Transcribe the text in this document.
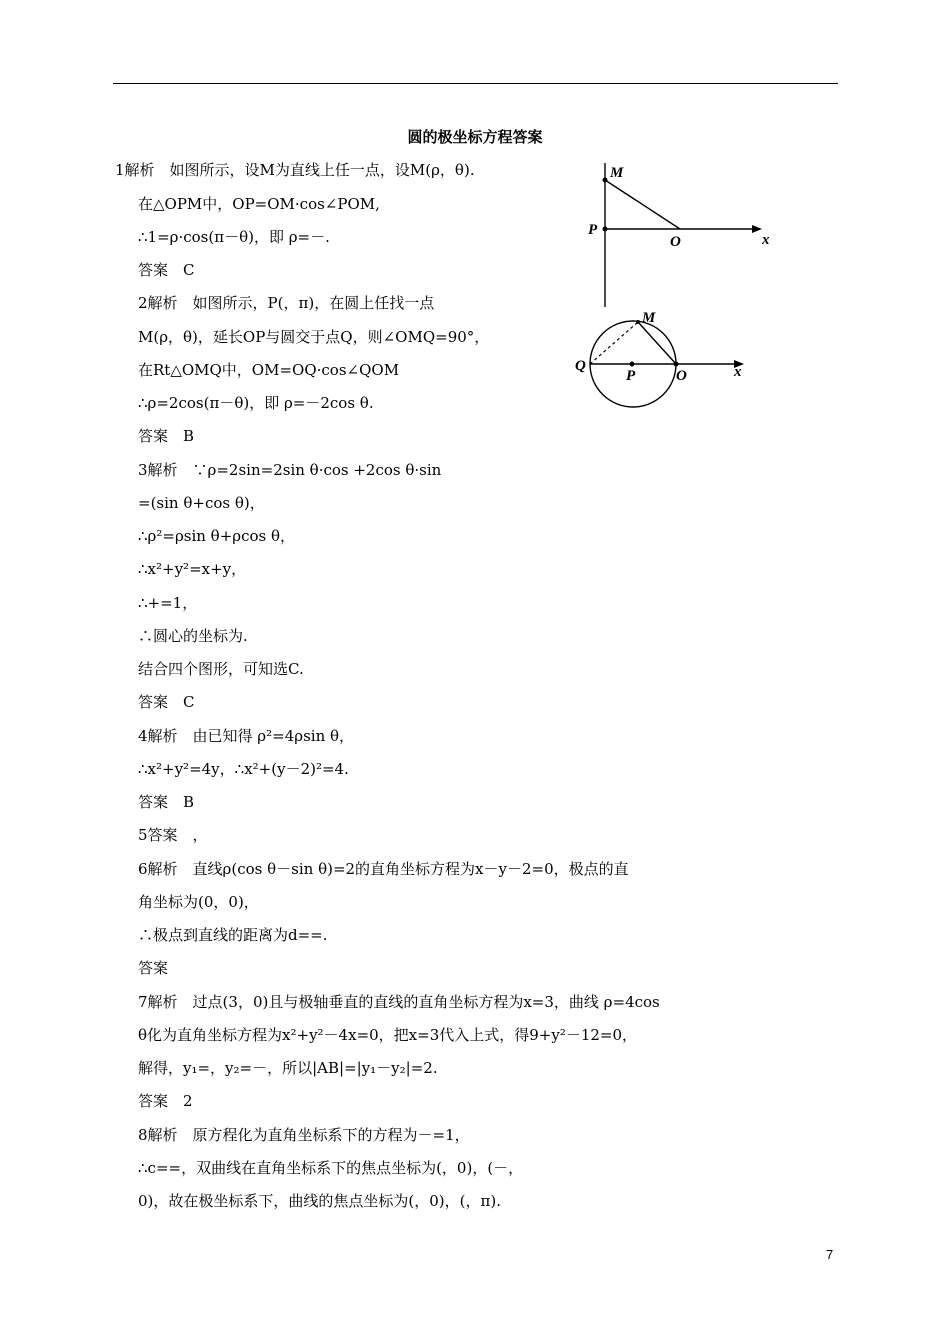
圆的极坐标方程答案
1解析　如图所示，设M为直线上任一点，设M(ρ，θ).
在△OPM中，OP=OM·cos∠POM,
∴1=ρ·cos(π－θ)，即 ρ=－.
答案　C
2解析　如图所示，P(，π)，在圆上任找一点
M(ρ，θ)，延长OP与圆交于点Q，则∠OMQ=90°，
在Rt△OMQ中，OM=OQ·cos∠QOM
∴ρ=2cos(π－θ)，即 ρ=－2cos θ.
答案　B
3解析　∵ρ=2sin=2sin θ·cos +2cos θ·sin
=(sin θ+cos θ)，
∴ρ²=ρsin θ+ρcos θ，
∴x²+y²=x+y，
∴+=1，
∴圆心的坐标为.
结合四个图形，可知选C.
答案　C
4解析　由已知得 ρ²=4ρsin θ，
∴x²+y²=4y，∴x²+(y－2)²=4.
答案　B
5答案　，
6解析　直线ρ(cos θ－sin θ)=2的直角坐标方程为x－y－2=0，极点的直
角坐标为(0，0)，
∴极点到直线的距离为d==.
答案
7解析　过点(3，0)且与极轴垂直的直线的直角坐标方程为x=3，曲线 ρ=4cos
θ化为直角坐标方程为x²+y²－4x=0，把x=3代入上式，得9+y²－12=0，
解得，y₁=，y₂=－，所以|AB|=|y₁－y₂|=2.
答案　2
8解析　原方程化为直角坐标系下的方程为－=1，
∴c==，双曲线在直角坐标系下的焦点坐标为(，0)，(－，
0)，故在极坐标系下，曲线的焦点坐标为(，0)，(，π).
M
P
O	x
M
Q
P	O	x
7
